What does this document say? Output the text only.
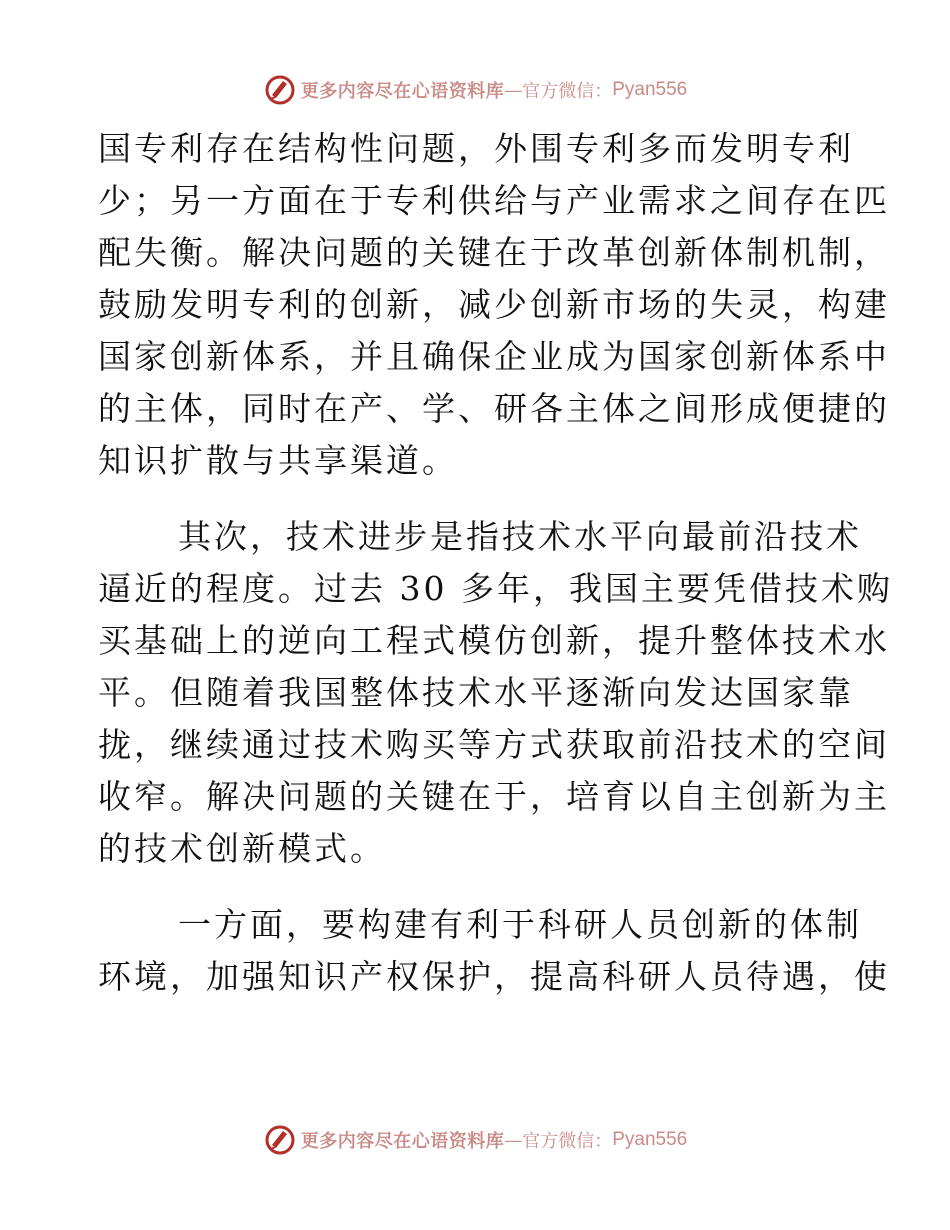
更多内容尽在心语资料库 — 官方微信： Pyan556
国专利存在结构性问题，外围专利多而发明专利
少；另一方面在于专利供给与产业需求之间存在匹
配失衡。解决问题的关键在于改革创新体制机制，
鼓励发明专利的创新，减少创新市场的失灵，构建
国家创新体系，并且确保企业成为国家创新体系中
的主体，同时在产、学、研各主体之间形成便捷的
知识扩散与共享渠道。
其次，技术进步是指技术水平向最前沿技术
逼近的程度。过去 30 多年，我国主要凭借技术购
买基础上的逆向工程式模仿创新，提升整体技术水
平。但随着我国整体技术水平逐渐向发达国家靠
拢，继续通过技术购买等方式获取前沿技术的空间
收窄。解决问题的关键在于，培育以自主创新为主
的技术创新模式。
一方面，要构建有利于科研人员创新的体制
环境，加强知识产权保护，提高科研人员待遇，使
更多内容尽在心语资料库 — 官方微信： Pyan556
